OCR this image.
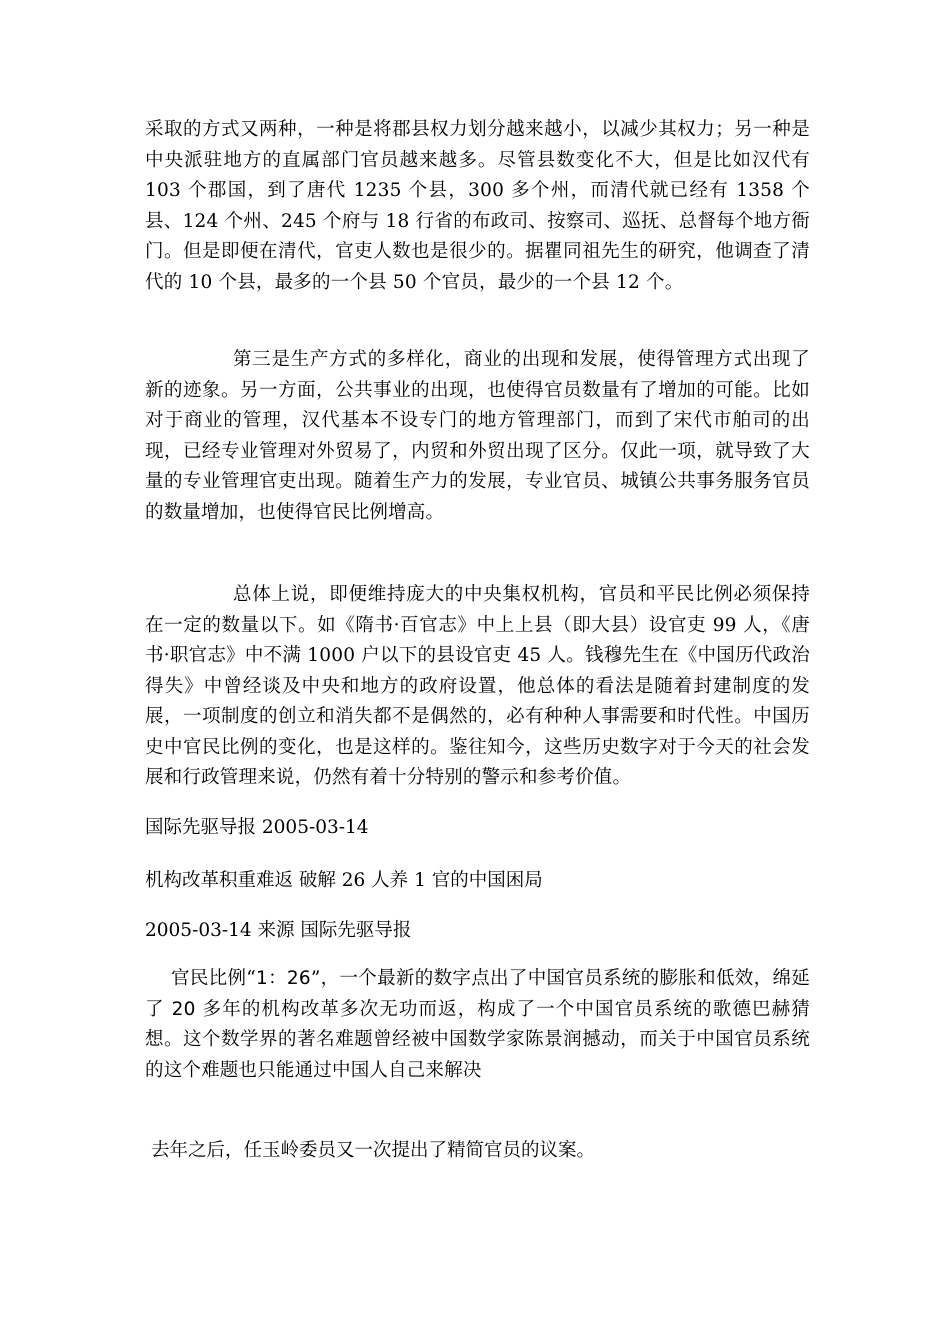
采取的方式又两种，一种是将郡县权力划分越来越小，以减少其权力；另一种是中央派驻地方的直属部门官员越来越多。尽管县数变化不大，但是比如汉代有 103 个郡国，到了唐代 1235 个县，300 多个州，而清代就已经有 1358 个县、124 个州、245 个府与 18 行省的布政司、按察司、巡抚、总督每个地方衙门。但是即便在清代，官吏人数也是很少的。据瞿同祖先生的研究，他调查了清代的 10 个县，最多的一个县 50 个官员，最少的一个县 12 个。

第三是生产方式的多样化，商业的出现和发展，使得管理方式出现了新的迹象。另一方面，公共事业的出现，也使得官员数量有了增加的可能。比如对于商业的管理，汉代基本不设专门的地方管理部门，而到了宋代市舶司的出现，已经专业管理对外贸易了，内贸和外贸出现了区分。仅此一项，就导致了大量的专业管理官吏出现。随着生产力的发展，专业官员、城镇公共事务服务官员的数量增加，也使得官民比例增高。

总体上说，即便维持庞大的中央集权机构，官员和平民比例必须保持在一定的数量以下。如《隋书·百官志》中上上县（即大县）设官吏 99 人，《唐书·职官志》中不满 1000 户以下的县设官吏 45 人。钱穆先生在《中国历代政治得失》中曾经谈及中央和地方的政府设置，他总体的看法是随着封建制度的发展，一项制度的创立和消失都不是偶然的，必有种种人事需要和时代性。中国历史中官民比例的变化，也是这样的。鉴往知今，这些历史数字对于今天的社会发展和行政管理来说，仍然有着十分特别的警示和参考价值。

国际先驱导报 2005-03-14

机构改革积重难返 破解 26 人养 1 官的中国困局

2005-03-14 来源 国际先驱导报

官民比例“1：26”，一个最新的数字点出了中国官员系统的膨胀和低效，绵延了 20 多年的机构改革多次无功而返，构成了一个中国官员系统的歌德巴赫猜想。这个数学界的著名难题曾经被中国数学家陈景润撼动，而关于中国官员系统的这个难题也只能通过中国人自己来解决

去年之后，任玉岭委员又一次提出了精简官员的议案。
